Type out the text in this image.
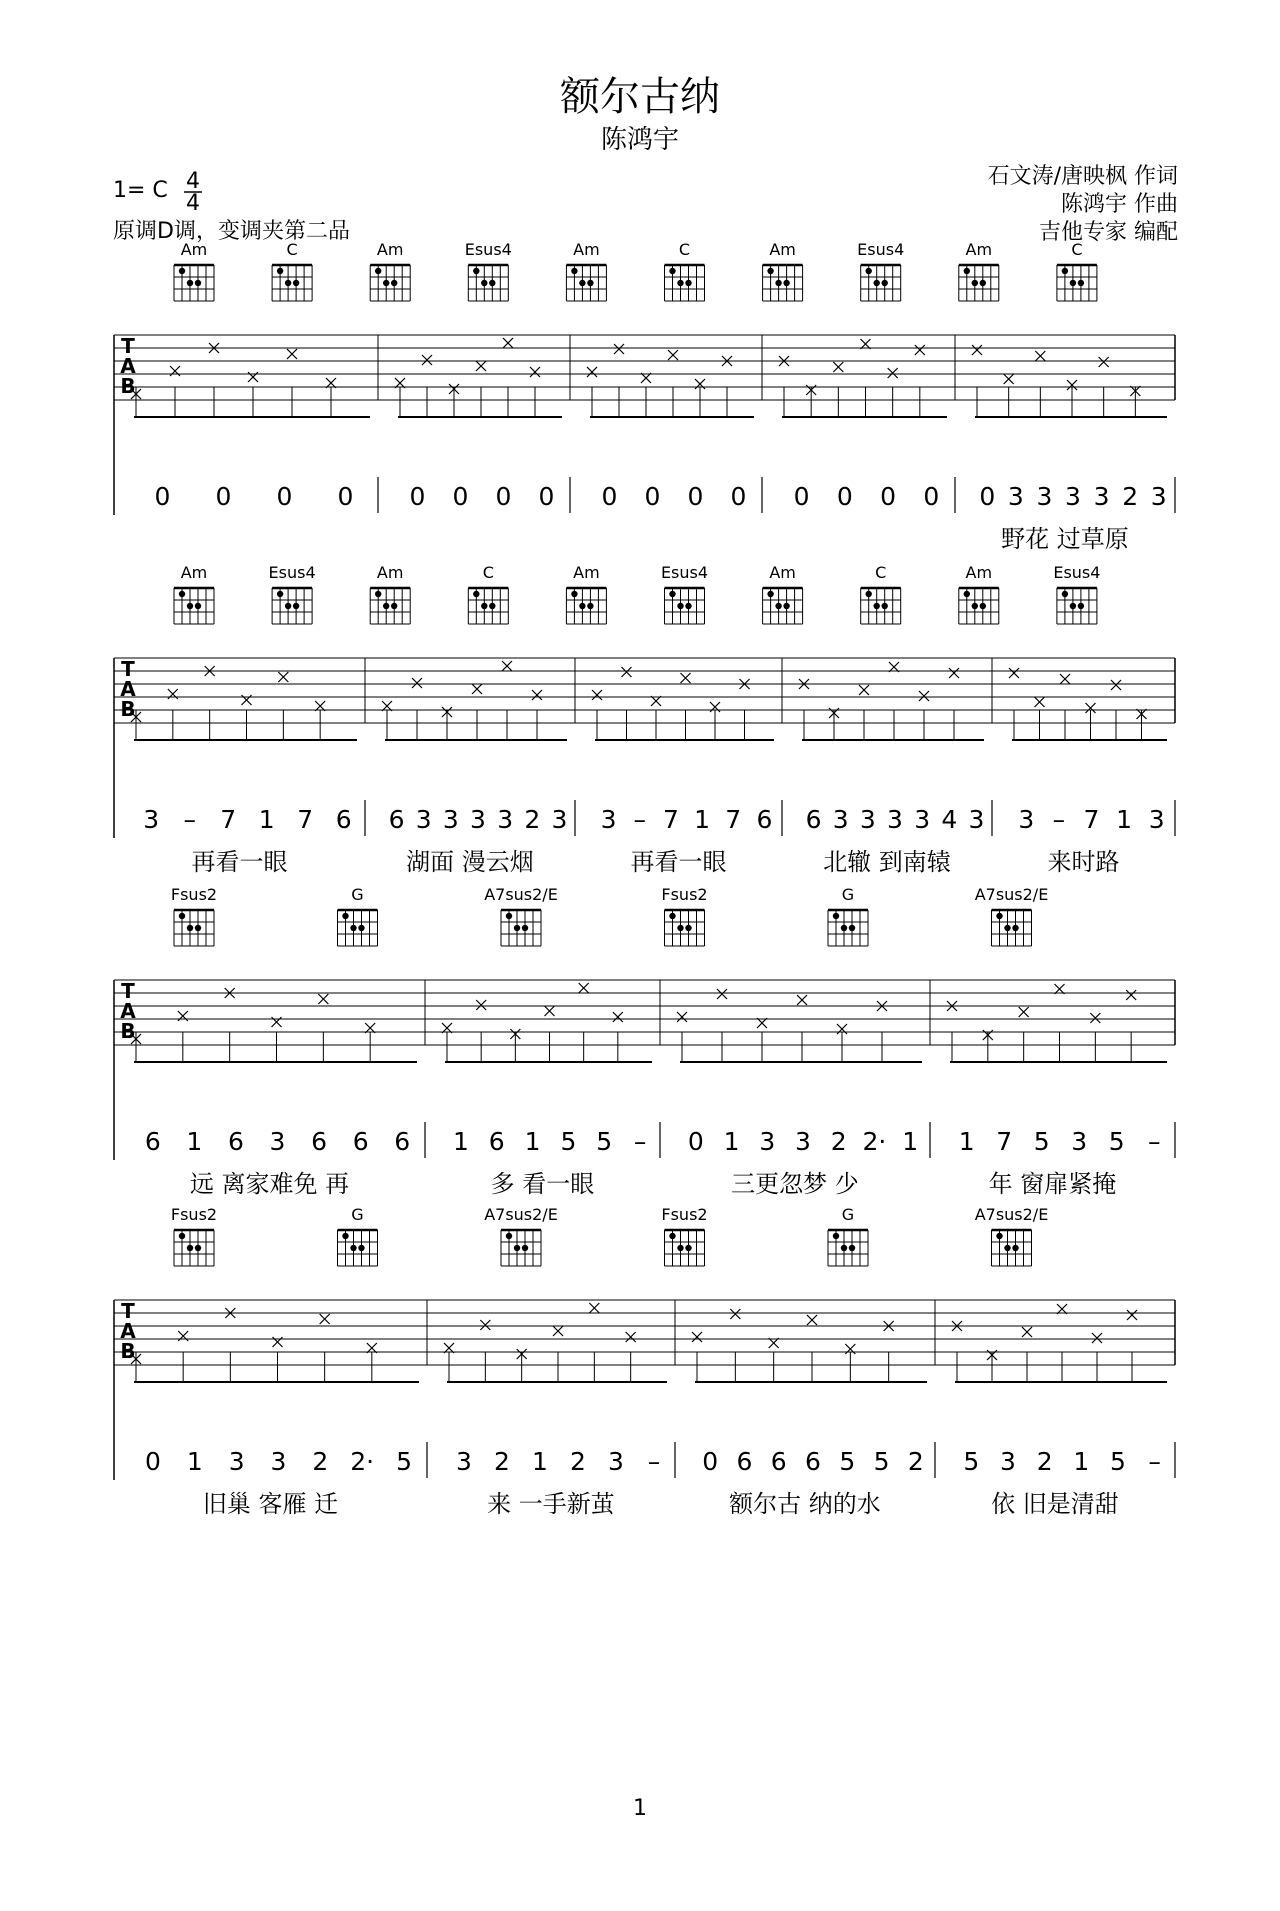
额尔古纳
陈鸿宇
1= C 4
4
原调D调，变调夹第二品
石文涛/唐映枫 作词
陈鸿宇 作曲
吉他专家 编配
Am	C	Am	Esus4	Am	C	Am	Esus4	Am	C
T
A
B
0 0 0 0 0 0 0 0 0 0 0 0 0 0 0 0 0 3 3 3 3 2 3
野花 过草原
Am	Esus4	Am	C	Am	Esus4	Am	C	Am	Esus4
T
A
B
3 – 7 1 7 6
再看一眼
6 3 3 3 3 2 3
湖面 漫云烟
3 – 7 1 7 6
再看一眼
6 3 3 3 3 4 3
北辙 到南辕
3 – 7 1 3
来时路
Fsus2	G	A7sus2/E	Fsus2	G	A7sus2/E
T
A
B
6 1 6 3 6 6 6
远 离家难免 再
1 6 1 5 5 –
多 看一眼
0 1 3 3 2 2· 1
三更忽梦 少
1 7 5 3 5 –
年 窗扉紧掩
Fsus2	G	A7sus2/E	Fsus2	G	A7sus2/E
T
A
B
0 1 3 3 2 2· 5
旧巢 客雁 迁
3 2 1 2 3 –
来 一手新茧
0 6 6 6 5 5 2
额尔古 纳的水
5 3 2 1 5 –
依 旧是清甜
1
